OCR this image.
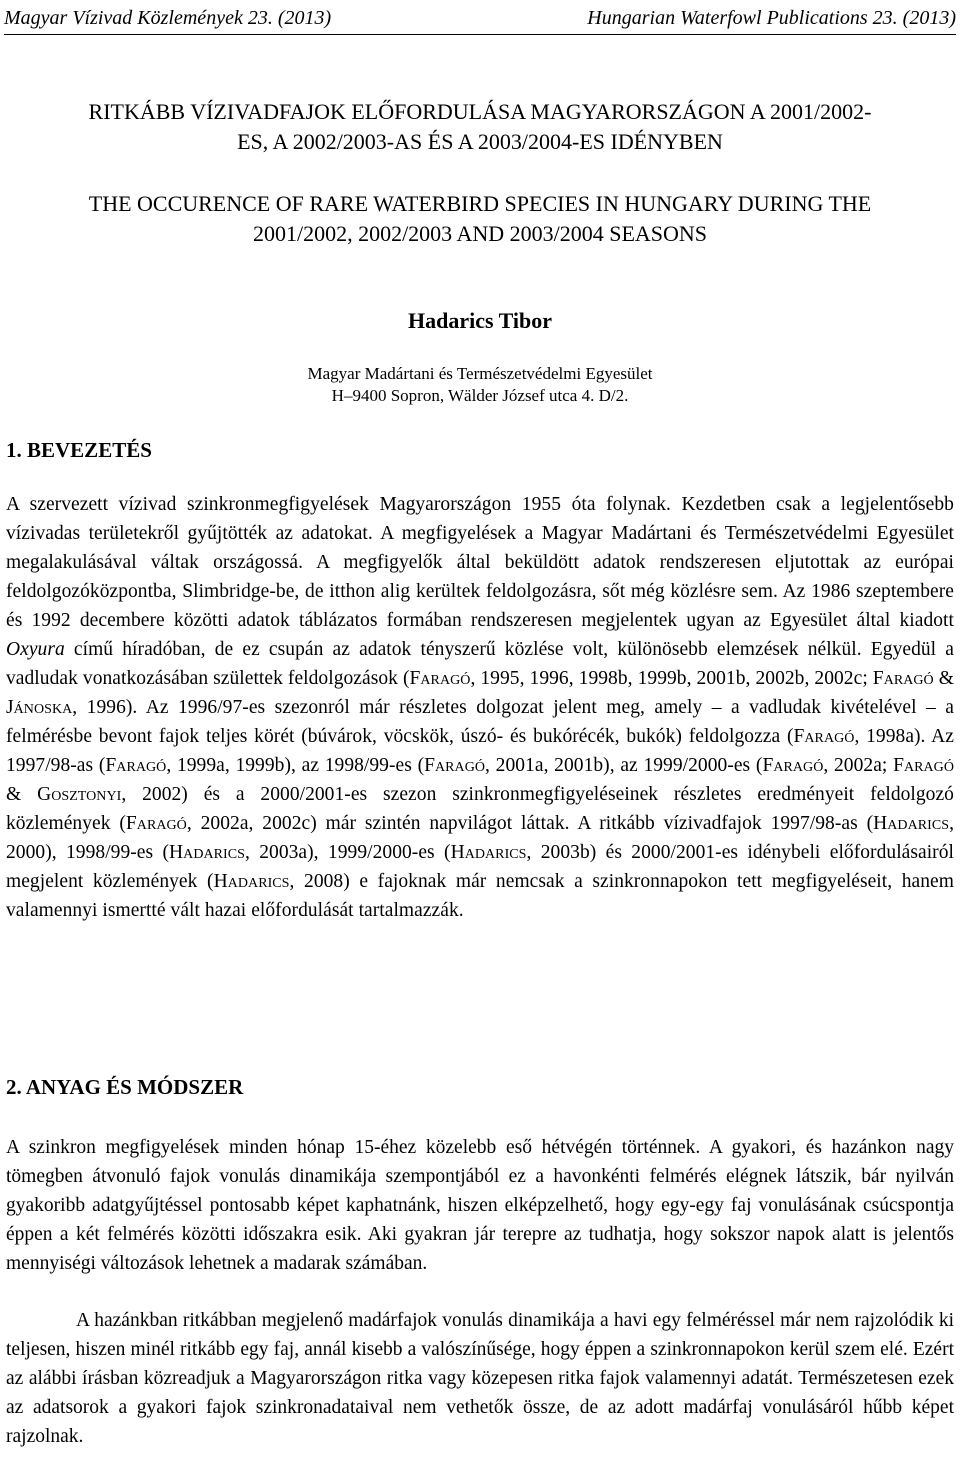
Magyar Vízivad Közlemények 23. (2013)	Hungarian Waterfowl Publications 23. (2013)
RITKÁBB VÍZIVADFAJOK ELŐFORDULÁSA MAGYARORSZÁGON A 2001/2002-
ES, A 2002/2003-AS ÉS A 2003/2004-ES IDÉNYBEN
THE OCCURENCE OF RARE WATERBIRD SPECIES IN HUNGARY DURING THE
2001/2002, 2002/2003 AND 2003/2004 SEASONS
Hadarics Tibor
Magyar Madártani és Természetvédelmi Egyesület
H–9400 Sopron, Wälder József utca 4. D/2.
1. BEVEZETÉS
A szervezett vízivad szinkronmegfigyelések Magyarországon 1955 óta folynak. Kezdetben csak a legjelentősebb vízivadas területekről gyűjtötték az adatokat. A megfigyelések a Magyar Madártani és Természetvédelmi Egyesület megalakulásával váltak országossá. A megfigyelők által beküldött adatok rendszeresen eljutottak az európai feldolgozóközpontba, Slimbridge-be, de itthon alig kerültek feldolgozásra, sőt még közlésre sem. Az 1986 szeptembere és 1992 decembere közötti adatok táblázatos formában rendszeresen megjelentek ugyan az Egyesület által kiadott Oxyura című híradóban, de ez csupán az adatok tényszerű közlése volt, különösebb elemzések nélkül. Egyedül a vadludak vonatkozásában születtek feldolgozások (Faragó, 1995, 1996, 1998b, 1999b, 2001b, 2002b, 2002c; Faragó & Jánoska, 1996). Az 1996/97-es szezonról már részletes dolgozat jelent meg, amely – a vadludak kivételével – a felmérésbe bevont fajok teljes körét (búvárok, vöcskök, úszó- és bukórécék, bukók) feldolgozza (Faragó, 1998a). Az 1997/98-as (Faragó, 1999a, 1999b), az 1998/99-es (Faragó, 2001a, 2001b), az 1999/2000-es (Faragó, 2002a; Faragó & Gosztonyi, 2002) és a 2000/2001-es szezon szinkronmegfigyeléseinek részletes eredményeit feldolgozó közlemények (Faragó, 2002a, 2002c) már szintén napvilágot láttak. A ritkább vízivadfajok 1997/98-as (Hadarics, 2000), 1998/99-es (Hadarics, 2003a), 1999/2000-es (Hadarics, 2003b) és 2000/2001-es idénybeli előfordulásairól megjelent közlemények (Hadarics, 2008) e fajoknak már nemcsak a szinkronnapokon tett megfigyeléseit, hanem valamennyi ismertté vált hazai előfordulását tartalmazzák.
2. ANYAG ÉS MÓDSZER
A szinkron megfigyelések minden hónap 15-éhez közelebb eső hétvégén történnek. A gyakori, és hazánkon nagy tömegben átvonuló fajok vonulás dinamikája szempontjából ez a havonkénti felmérés elégnek látszik, bár nyilván gyakoribb adatgyűjtéssel pontosabb képet kaphatnánk, hiszen elképzelhető, hogy egy-egy faj vonulásának csúcspontja éppen a két felmérés közötti időszakra esik. Aki gyakran jár terepre az tudhatja, hogy sokszor napok alatt is jelentős mennyiségi változások lehetnek a madarak számában.
A hazánkban ritkábban megjelenő madárfajok vonulás dinamikája a havi egy felméréssel már nem rajzolódik ki teljesen, hiszen minél ritkább egy faj, annál kisebb a valószínűsége, hogy éppen a szinkronnapokon kerül szem elé. Ezért az alábbi írásban közreadjuk a Magyarországon ritka vagy közepesen ritka fajok valamennyi adatát. Természetesen ezek az adatsorok a gyakori fajok szinkronadataival nem vethetők össze, de az adott madárfaj vonulásáról hűbb képet rajzolnak.
